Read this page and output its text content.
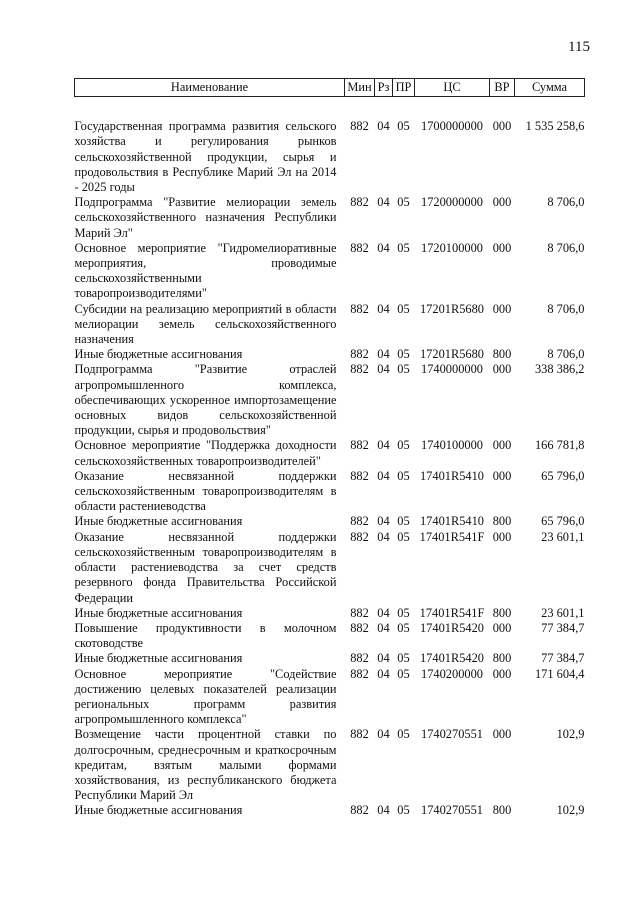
115
Наименование	Мин	Рз	ПР	ЦС	ВР	Сумма

Государственная программа развития сельского хозяйства и регулирования рынков сельскохозяйственной продукции, сырья и продовольствия в Республике Марий Эл на 2014 - 2025 годы	882	04	05	1700000000	000	1 535 258,6
Подпрограмма "Развитие мелиорации земель сельскохозяйственного назначения Республики Марий Эл"	882	04	05	1720000000	000	8 706,0
Основное мероприятие "Гидромелиоративные мероприятия, проводимые сельскохозяйственными товаропроизводителями"	882	04	05	1720100000	000	8 706,0
Субсидии на реализацию мероприятий в области мелиорации земель сельскохозяйственного назначения	882	04	05	17201R5680	000	8 706,0
Иные бюджетные ассигнования	882	04	05	17201R5680	800	8 706,0
Подпрограмма "Развитие отраслей агропромышленного комплекса, обеспечивающих ускоренное импортозамещение основных видов сельскохозяйственной продукции, сырья и продовольствия"	882	04	05	1740000000	000	338 386,2
Основное мероприятие "Поддержка доходности сельскохозяйственных товаропроизводителей"	882	04	05	1740100000	000	166 781,8
Оказание несвязанной поддержки сельскохозяйственным товаропроизводителям в области растениеводства	882	04	05	17401R5410	000	65 796,0
Иные бюджетные ассигнования	882	04	05	17401R5410	800	65 796,0
Оказание несвязанной поддержки сельскохозяйственным товаропроизводителям в области растениеводства за счет средств резервного фонда Правительства Российской Федерации	882	04	05	17401R541F	000	23 601,1
Иные бюджетные ассигнования	882	04	05	17401R541F	800	23 601,1
Повышение продуктивности в молочном скотоводстве	882	04	05	17401R5420	000	77 384,7
Иные бюджетные ассигнования	882	04	05	17401R5420	800	77 384,7
Основное мероприятие "Содействие достижению целевых показателей реализации региональных программ развития агропромышленного комплекса"	882	04	05	1740200000	000	171 604,4
Возмещение части процентной ставки по долгосрочным, среднесрочным и краткосрочным кредитам, взятым малыми формами хозяйствования, из республиканского бюджета Республики Марий Эл	882	04	05	1740270551	000	102,9
Иные бюджетные ассигнования	882	04	05	1740270551	800	102,9
